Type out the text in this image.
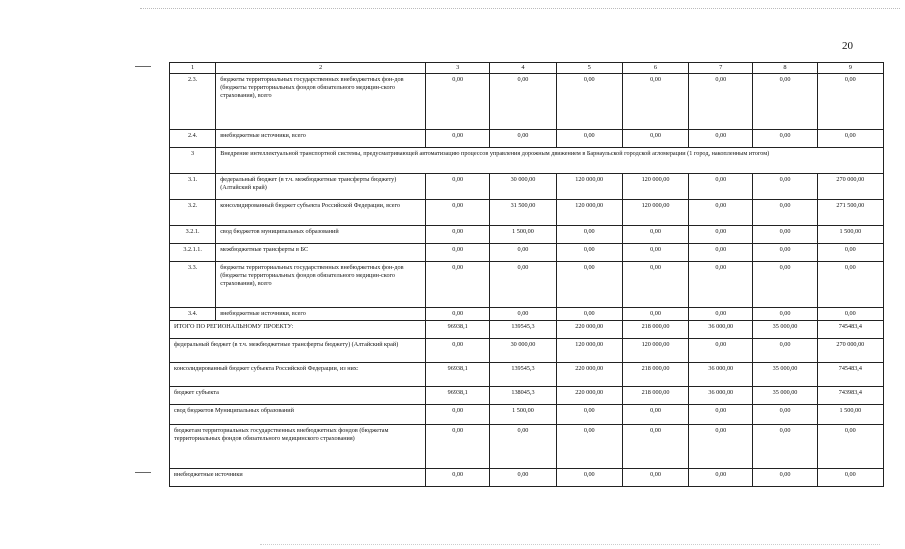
20
1	2	3	4	5	6	7	8	9
2.3.	бюджеты территориальных государственных внебюджетных фон-дов (бюджеты территориальных фондов обязательного медицин-ского страхования), всего	0,00	0,00	0,00	0,00	0,00	0,00	0,00
2.4.	внебюджетные источники, всего	0,00	0,00	0,00	0,00	0,00	0,00	0,00
3	Внедрение интеллектуальной транспортной системы, предусматривающей автоматизацию процессов управления дорожным движением в Барнаульской городской агломерации (1 город, накопленным итогом)							
3.1.	федеральный бюджет (в т.ч. межбюджетные трансферты бюджету) (Алтайский край)	0,00	30 000,00	120 000,00	120 000,00	0,00	0,00	270 000,00
3.2.	консолидированный бюджет субъекта Российской Федерации, всего	0,00	31 500,00	120 000,00	120 000,00	0,00	0,00	271 500,00
3.2.1.	свод бюджетов муниципальных образований	0,00	1 500,00	0,00	0,00	0,00	0,00	1 500,00
3.2.1.1.	межбюджетные трансферты в БС	0,00	0,00	0,00	0,00	0,00	0,00	0,00
3.3.	бюджеты территориальных государственных внебюджетных фон-дов (бюджеты территориальных фондов обязательного медицин-ского страхования), всего	0,00	0,00	0,00	0,00	0,00	0,00	0,00
3.4.	внебюджетные источники, всего	0,00	0,00	0,00	0,00	0,00	0,00	0,00
ИТОГО ПО РЕГИОНАЛЬНОМУ ПРОЕКТУ:		96938,1	139545,3	220 000,00	218 000,00	36 000,00	35 000,00	745483,4
федеральный бюджет (в т.ч. межбюджетные трансферты бюджету) (Алтайский край)		0,00	30 000,00	120 000,00	120 000,00	0,00	0,00	270 000,00
консолидированный бюджет субъекта Российской Федерации, из них:		96938,1	139545,3	220 000,00	218 000,00	36 000,00	35 000,00	745483,4
бюджет субъекта		96938,1	138045,3	220 000,00	218 000,00	36 000,00	35 000,00	743983,4
свод бюджетов Муниципальных образований		0,00	1 500,00	0,00	0,00	0,00	0,00	1 500,00
бюджетам территориальных государственных внебюджетных фондов (бюджетам территориальных фондов обязательного медицинского страхования)		0,00	0,00	0,00	0,00	0,00	0,00	0,00
внебюджетные источники		0,00	0,00	0,00	0,00	0,00	0,00	0,00
